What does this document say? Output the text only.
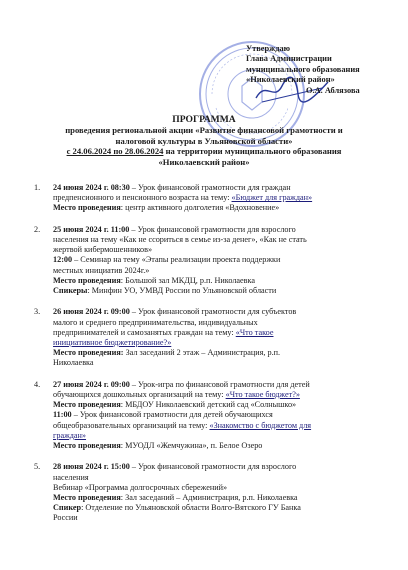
Утверждаю
Глава Администрации
муниципального образования
«Николаевский район»
О.А. Аблязова
ПРОГРАММА
проведения региональной акции «Развитие финансовой грамотности и
налоговой культуры в Ульяновской области»
с 24.06.2024 по 28.06.2024 на территории муниципального образования
«Николаевский район»
1. 24 июня 2024 г. 08:30 – Урок финансовой грамотности для граждан
предпенсионного и пенсионного возраста на тему: «Бюджет для граждан»
Место проведения: центр активного долголетия «Вдохновение»
2. 25 июня 2024 г. 11:00 – Урок финансовой грамотности для взрослого
населения на тему «Как не ссориться в семье из-за денег», «Как не стать
жертвой кибермошенников»
12:00 – Семинар на тему «Этапы реализации проекта поддержки
местных инициатив 2024г.»
Место проведения: Большой зал МКДЦ, р.п. Николаевка
Спикеры: Минфин УО, УМВД России по Ульяновской области
3. 26 июня 2024 г. 09:00 – Урок финансовой грамотности для субъектов
малого и среднего предпринимательства, индивидуальных
предпринимателей и самозанятых граждан на тему: «Что такое
инициативное бюджетирование?»
Место проведения: Зал заседаний 2 этаж – Администрация, р.п.
Николаевка
4. 27 июня 2024 г. 09:00 – Урок-игра по финансовой грамотности для детей
обучающихся дошкольных организаций на тему: «Что такое бюджет?»
Место проведения: МБДОУ Николаевский детский сад «Солнышко»
11:00 – Урок финансовой грамотности для детей обучающихся
общеобразовательных организаций на тему: «Знакомство с бюджетом для
граждан»
Место проведения: МУОДЛ «Жемчужина», п. Белое Озеро
5. 28 июня 2024 г. 15:00 – Урок финансовой грамотности для взрослого
населения
Вебинар «Программа долгосрочных сбережений»
Место проведения: Зал заседаний – Администрация, р.п. Николаевка
Спикер: Отделение по Ульяновской области Волго-Вятского ГУ Банка
России
